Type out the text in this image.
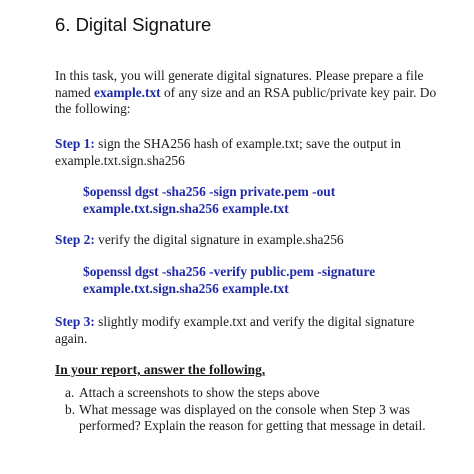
6. Digital Signature

In this task, you will generate digital signatures. Please prepare a file named example.txt of any size and an RSA public/private key pair. Do the following:

Step 1: sign the SHA256 hash of example.txt; save the output in example.txt.sign.sha256

$openssl dgst -sha256 -sign private.pem -out
example.txt.sign.sha256 example.txt

Step 2: verify the digital signature in example.sha256

$openssl dgst -sha256 -verify public.pem -signature
example.txt.sign.sha256 example.txt

Step 3: slightly modify example.txt and verify the digital signature again.

In your report, answer the following,

a. Attach a screenshots to show the steps above
b. What message was displayed on the console when Step 3 was performed? Explain the reason for getting that message in detail.
